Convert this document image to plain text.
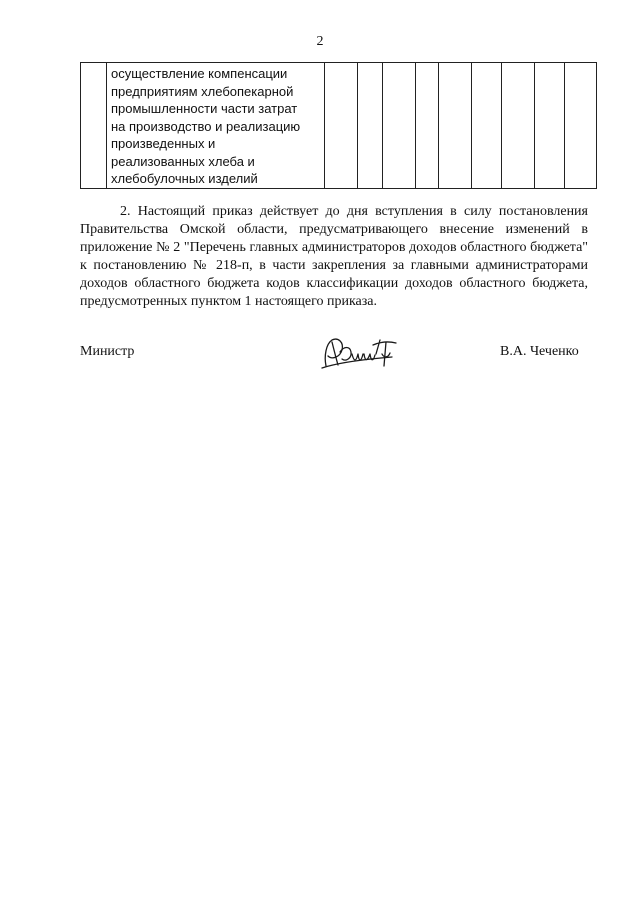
2
	осуществление компенсации
предприятиям хлебопекарной
промышленности части затрат
на производство и реализацию
произведенных и
реализованных хлеба и
хлебобулочных изделий									
2. Настоящий приказ действует до дня вступления в силу постановления Правительства Омской области, предусматривающего внесение изменений в приложение № 2 "Перечень главных администраторов доходов областного бюджета" к постановлению № 218-п, в части закрепления за главными администраторами доходов областного бюджета кодов классификации доходов областного бюджета, предусмотренных пунктом 1 настоящего приказа.
Министр	В.А. Чеченко
